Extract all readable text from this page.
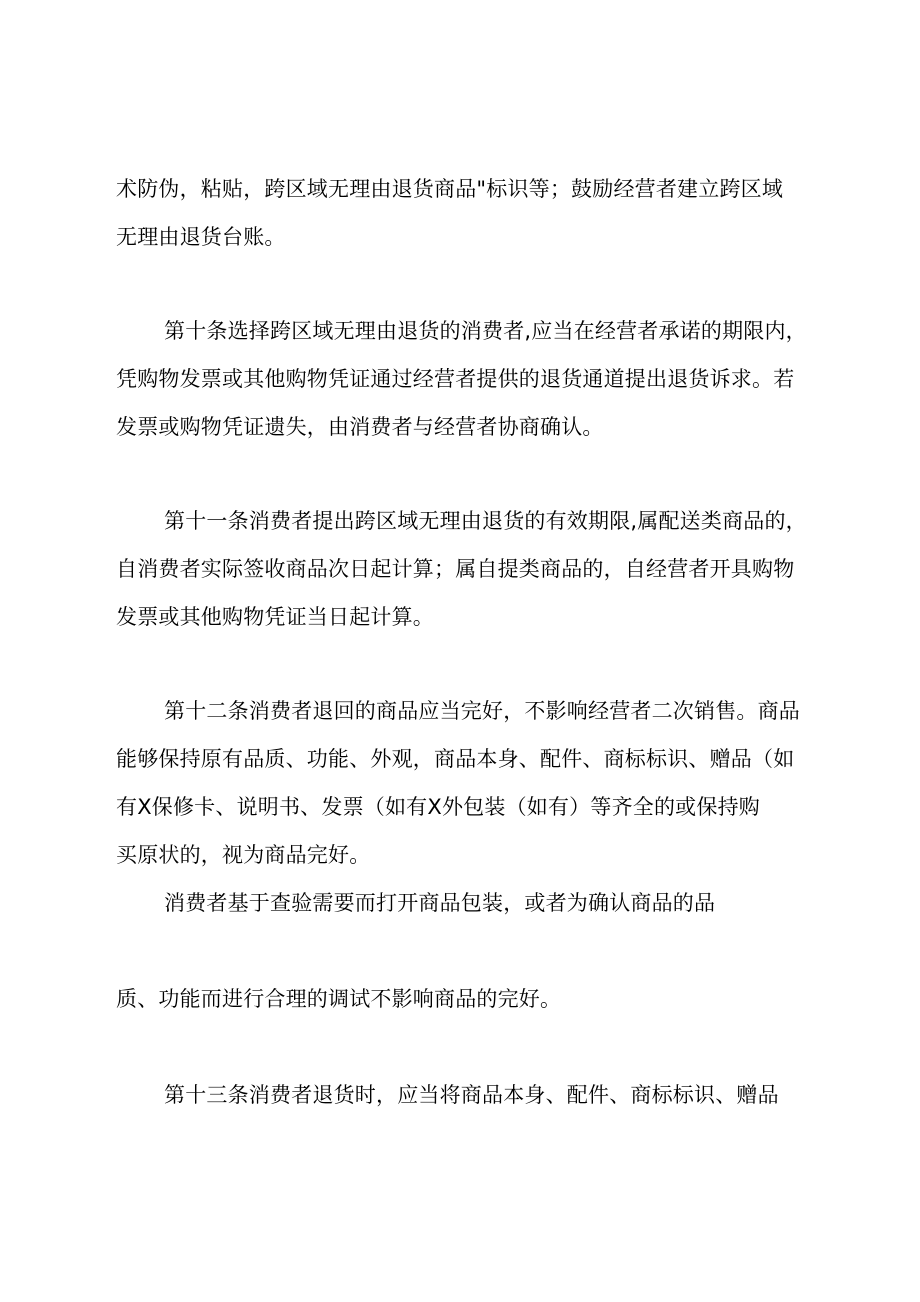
术防伪，粘贴，跨区域无理由退货商品"标识等；鼓励经营者建立跨区域
无理由退货台账。
第十条选择跨区域无理由退货的消费者,应当在经营者承诺的期限内，
凭购物发票或其他购物凭证通过经营者提供的退货通道提出退货诉求。若
发票或购物凭证遗失，由消费者与经营者协商确认。
第十一条消费者提出跨区域无理由退货的有效期限,属配送类商品的，
自消费者实际签收商品次日起计算；属自提类商品的，自经营者开具购物
发票或其他购物凭证当日起计算。
第十二条消费者退回的商品应当完好，不影响经营者二次销售。商品
能够保持原有品质、功能、外观，商品本身、配件、商标标识、赠品（如
有X保修卡、说明书、发票（如有X外包装（如有）等齐全的或保持购
买原状的，视为商品完好。
消费者基于查验需要而打开商品包装，或者为确认商品的品
质、功能而进行合理的调试不影响商品的完好。
第十三条消费者退货时，应当将商品本身、配件、商标标识、赠品
